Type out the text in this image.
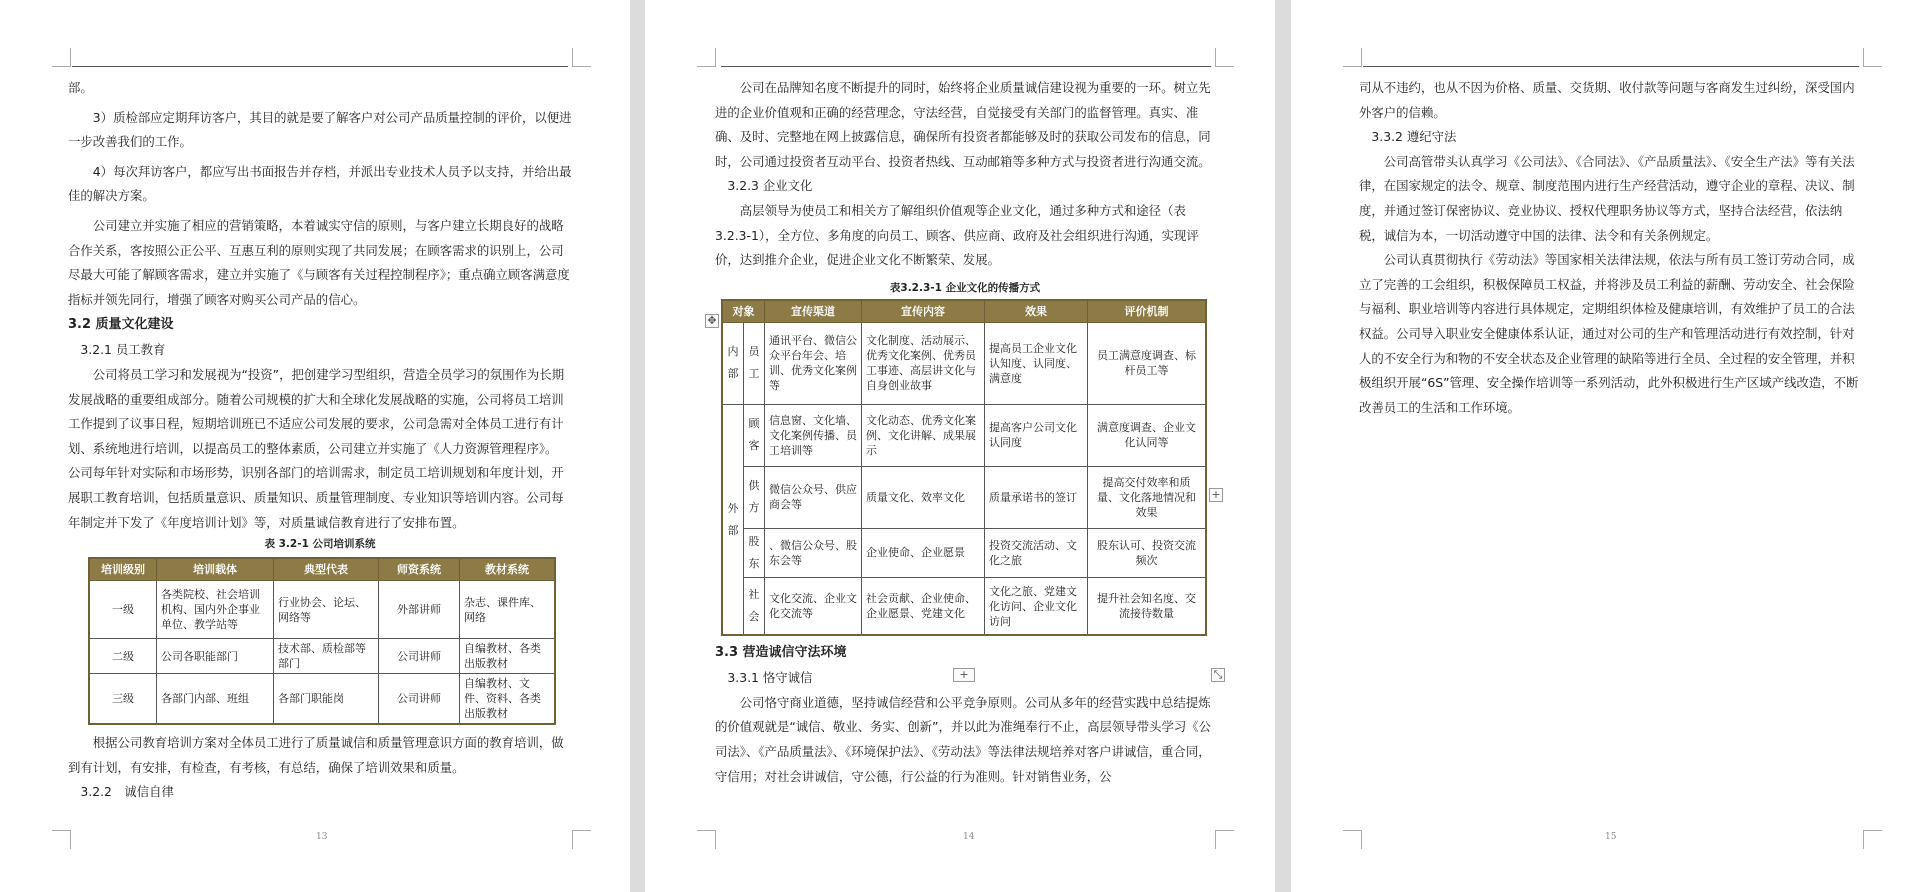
部。

3）质检部应定期拜访客户，其目的就是要了解客户对公司产品质量控制的评价，以便进一步改善我们的工作。

4）每次拜访客户，都应写出书面报告并存档，并派出专业技术人员予以支持，并给出最佳的解决方案。

公司建立并实施了相应的营销策略，本着诚实守信的原则，与客户建立长期良好的战略合作关系，客按照公正公平、互惠互利的原则实现了共同发展；在顾客需求的识别上，公司尽最大可能了解顾客需求，建立并实施了《与顾客有关过程控制程序》；重点确立顾客满意度指标并领先同行，增强了顾客对购买公司产品的信心。

3.2 质量文化建设

3.2.1 员工教育

公司将员工学习和发展视为“投资”，把创建学习型组织，营造全员学习的氛围作为长期发展战略的重要组成部分。随着公司规模的扩大和全球化发展战略的实施，公司将员工培训工作提到了议事日程，短期培训班已不适应公司发展的要求，公司急需对全体员工进行有计划、系统地进行培训，以提高员工的整体素质，公司建立并实施了《人力资源管理程序》。 公司每年针对实际和市场形势，识别各部门的培训需求，制定员工培训规划和年度计划，开展职工教育培训，包括质量意识、质量知识、质量管理制度、专业知识等培训内容。公司每年制定并下发了《年度培训计划》等，对质量诚信教育进行了安排布置。

表 3.2-1 公司培训系统

培训级别	培训载体	典型代表	师资系统	教材系统
一级	各类院校、社会培训机构、国内外企事业单位、教学站等	行业协会、论坛、网络等	外部讲师	杂志、课件库、网络
二级	公司各职能部门	技术部、质检部等部门	公司讲师	自编教材、各类出版教材
三级	各部门内部、班组	各部门职能岗	公司讲师	自编教材、文件、资料、各类出版教材

根据公司教育培训方案对全体员工进行了质量诚信和质量管理意识方面的教育培训，做到有计划，有安排，有检查，有考核，有总结，确保了培训效果和质量。

3.2.2　诚信自律

13
✥
+
+	⤡

公司在品牌知名度不断提升的同时，始终将企业质量诚信建设视为重要的一环。树立先进的企业价值观和正确的经营理念，守法经营，自觉接受有关部门的监督管理。真实、准确、及时、完整地在网上披露信息，确保所有投资者都能够及时的获取公司发布的信息，同时，公司通过投资者互动平台、投资者热线、互动邮箱等多种方式与投资者进行沟通交流。

3.2.3 企业文化

高层领导为使员工和相关方了解组织价值观等企业文化，通过多种方式和途径（表3.2.3-1），全方位、多角度的向员工、顾客、供应商、政府及社会组织进行沟通，实现评价，达到推介企业，促进企业文化不断繁荣、发展。

表3.2.3-1 企业文化的传播方式

对象		宣传渠道	宣传内容	效果	评价机制
内部	员工	通讯平台、微信公众平台年会、培训、优秀文化案例等	文化制度、活动展示、优秀文化案例、优秀员工事迹、高层讲文化与自身创业故事	提高员工企业文化认知度、认同度、满意度	员工满意度调查、标杆员工等
外部	顾客	信息窗、文化墙、文化案例传播、员工培训等	文化动态、优秀文化案例、文化讲解、成果展示	提高客户公司文化认同度	满意度调查、企业文化认同等
	供方	微信公众号、供应商会等	质量文化、效率文化	质量承诺书的签订	提高交付效率和质量、文化落地情况和效果
	股东	、微信公众号、股东会等	企业使命、企业愿景	投资交流活动、文化之旅	股东认可、投资交流频次
	社会	文化交流、企业文化交流等	社会贡献、企业使命、企业愿景、党建文化	文化之旅、党建文化访问、企业文化访问	提升社会知名度、交流接待数量

3.3 营造诚信守法环境

3.3.1 恪守诚信

公司恪守商业道德，坚持诚信经营和公平竞争原则。公司从多年的经营实践中总结提炼的价值观就是“诚信、敬业、务实、创新”，并以此为准绳奉行不止，高层领导带头学习《公司法》、《产品质量法》、《环境保护法》、《劳动法》等法律法规培养对客户讲诚信，重合同，守信用；对社会讲诚信，守公德，行公益的行为准则。针对销售业务，公

14

司从不违约，也从不因为价格、质量、交货期、收付款等问题与客商发生过纠纷，深受国内外客户的信赖。

3.3.2 遵纪守法

公司高管带头认真学习《公司法》、《合同法》、《产品质量法》、《安全生产法》等有关法律，在国家规定的法令、规章、制度范围内进行生产经营活动，遵守企业的章程、决议、制度，并通过签订保密协议、竞业协议、授权代理职务协议等方式，坚持合法经营，依法纳税，诚信为本，一切活动遵守中国的法律、法令和有关条例规定。

公司认真贯彻执行《劳动法》等国家相关法律法规，依法与所有员工签订劳动合同，成立了完善的工会组织，积极保障员工权益，并将涉及员工利益的薪酬、劳动安全、社会保险与福利、职业培训等内容进行具体规定，定期组织体检及健康培训，有效维护了员工的合法权益。公司导入职业安全健康体系认证，通过对公司的生产和管理活动进行有效控制，针对人的不安全行为和物的不安全状态及企业管理的缺陷等进行全员、全过程的安全管理，并积极组织开展“6S”管理、安全操作培训等一系列活动，此外积极进行生产区域产线改造，不断改善员工的生活和工作环境。

15
